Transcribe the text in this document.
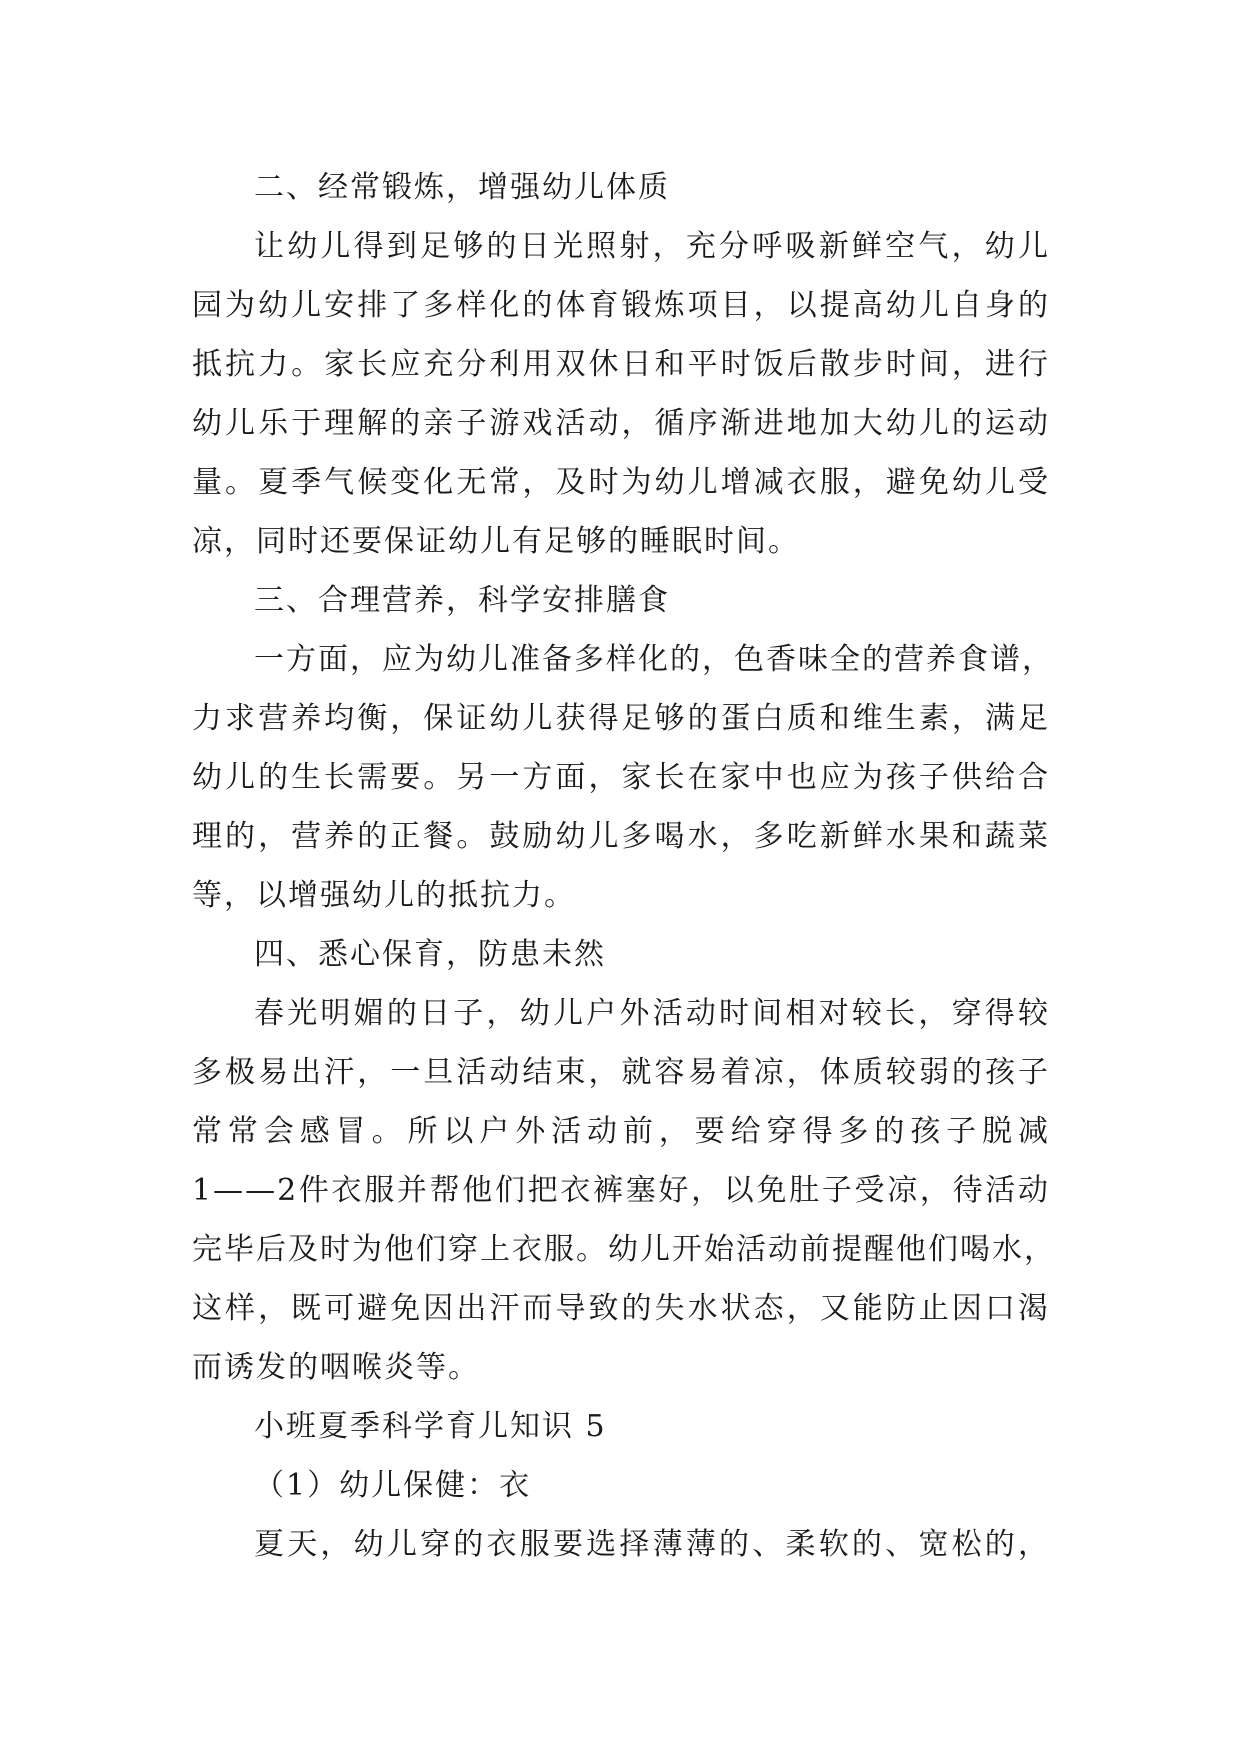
二、经常锻炼，增强幼儿体质
让幼儿得到足够的日光照射，充分呼吸新鲜空气，幼儿
园为幼儿安排了多样化的体育锻炼项目，以提高幼儿自身的
抵抗力。家长应充分利用双休日和平时饭后散步时间，进行
幼儿乐于理解的亲子游戏活动，循序渐进地加大幼儿的运动
量。夏季气候变化无常，及时为幼儿增减衣服，避免幼儿受
凉，同时还要保证幼儿有足够的睡眠时间。
三、合理营养，科学安排膳食
一方面，应为幼儿准备多样化的，色香味全的营养食谱，
力求营养均衡，保证幼儿获得足够的蛋白质和维生素，满足
幼儿的生长需要。另一方面，家长在家中也应为孩子供给合
理的，营养的正餐。鼓励幼儿多喝水，多吃新鲜水果和蔬菜
等，以增强幼儿的抵抗力。
四、悉心保育，防患未然
春光明媚的日子，幼儿户外活动时间相对较长，穿得较
多极易出汗，一旦活动结束，就容易着凉，体质较弱的孩子
常常会感冒。所以户外活动前，要给穿得多的孩子脱减
1——2件衣服并帮他们把衣裤塞好，以免肚子受凉，待活动
完毕后及时为他们穿上衣服。幼儿开始活动前提醒他们喝水，
这样，既可避免因出汗而导致的失水状态，又能防止因口渴
而诱发的咽喉炎等。
小班夏季科学育儿知识 5
（1）幼儿保健：衣
夏天，幼儿穿的衣服要选择薄薄的、柔软的、宽松的，
